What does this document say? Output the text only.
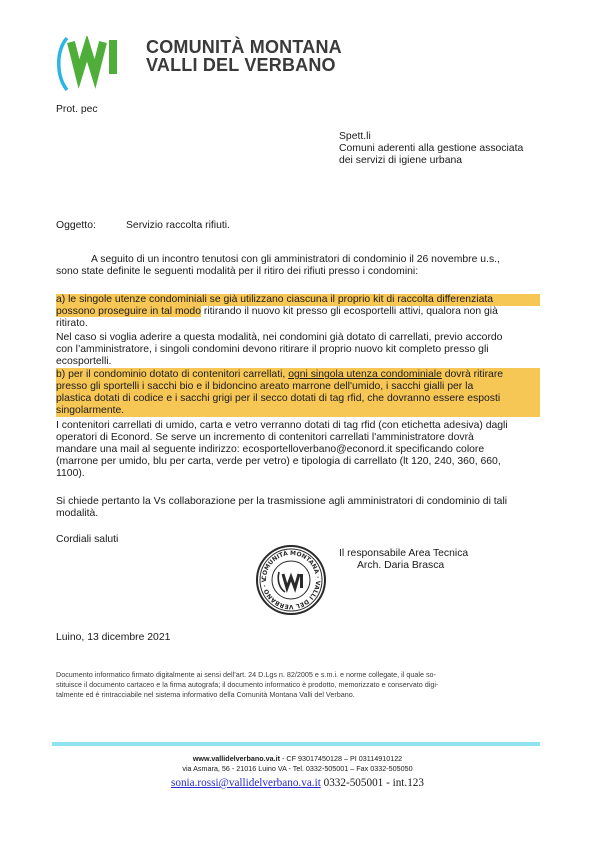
COMUNITÀ MONTANA
VALLI DEL VERBANO
Prot. pec
Spett.li
Comuni aderenti alla gestione associata
dei servizi di igiene urbana
Oggetto:	Servizio raccolta rifiuti.
A seguito di un incontro tenutosi con gli amministratori di condominio il 26 novembre u.s.,
sono state definite le seguenti modalità per il ritiro dei rifiuti presso i condomini:
a) le singole utenze condominiali se già utilizzano ciascuna il proprio kit di raccolta differenziata
possono proseguire in tal modo ritirando il nuovo kit presso gli ecosportelli attivi, qualora non già
ritirato.
Nel caso si voglia aderire a questa modalità, nei condomini già dotato di carrellati, previo accordo
con l’amministratore, i singoli condomini devono ritirare il proprio nuovo kit completo presso gli
ecosportelli.
b) per il condominio dotato di contenitori carrellati, ogni singola utenza condominiale dovrà ritirare
presso gli sportelli i sacchi bio e il bidoncino areato marrone dell'umido, i sacchi gialli per la
plastica dotati di codice e i sacchi grigi per il secco dotati di tag rfid, che dovranno essere esposti
singolarmente.
I contenitori carrellati di umido, carta e vetro verranno dotati di tag rfid (con etichetta adesiva) dagli
operatori di Econord. Se serve un incremento di contenitori carrellati l'amministratore dovrà
mandare una mail al seguente indirizzo: ecosportelloverbano@econord.it specificando colore
(marrone per umido, blu per carta, verde per vetro) e tipologia di carrellato (lt 120, 240, 360, 660,
1100).
Si chiede pertanto la Vs collaborazione per la trasmissione agli amministratori di condominio di tali
modalità.
Cordiali saluti
Il responsabile Area Tecnica
Arch. Daria Brasca
COMUNITÀ MONTANA · VALLI DEL VERBANO · V
Luino, 13 dicembre 2021
Documento informatico firmato digitalmente ai sensi dell’art. 24 D.Lgs n. 82/2005 e s.m.i. e norme collegate, il quale so-
stituisce il documento cartaceo e la firma autografa; il documento informatico è prodotto, memorizzato e conservato digi-
talmente ed è rintracciabile nel sistema informativo della Comunità Montana Valli del Verbano.
www.vallidelverbano.va.it - CF 93017450128 – PI 03114910122
via Asmara, 56 - 21016 Luino VA - Tel. 0332-505001 – Fax 0332-505050
sonia.rossi@vallidelverbano.va.it 0332-505001 - int.123
